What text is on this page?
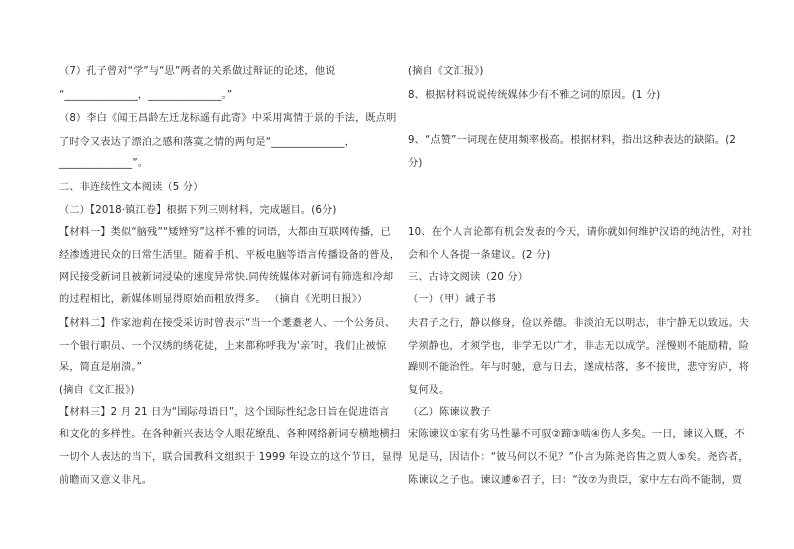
（7）孔子曾对“学”与“思”两者的关系做过辩证的论述，他说
“______________，______________。”
（8）李白《闻王昌龄左迁龙标遥有此寄》中采用寓情于景的手法，既点明
了时令又表达了漂泊之感和落寞之情的两句是“______________，
______________”。
二、非连续性文本阅读（5 分）
（二）【2018·镇江卷】根据下列三则材料，完成题目。(6分)
【材料一】类似“脑残”“矮矬穷”这样不雅的词语，大都由互联网传播，已
经渗透进民众的日常生活里。随着手机、平板电脑等语言传播设备的普及，
网民接受新词且被新词浸染的速度异常快.同传统媒体对新词有筛选和冷却
的过程相比，新媒体则显得原始而粗放得多。 （摘自《光明日报》）
【材料二】作家池莉在接受采访时曾表示“当一个耄耋老人、一个公务员、
一个银行职员、一个汉绣的绣花徒，上来都称呼我为‘亲’时，我们止被惊
呆，简直是崩溃。”
(摘自《文汇报》)
【材料三】2 月 21 日为“国际母语日”，这个国际性纪念日旨在促进语言
和文化的多样性。在各种新兴表达令人眼花缭乱、各种网络新词专横地横扫
一切个人表达的当下，联合国教科文组织于 1999 年设立的这个节日，显得
前瞻而又意义非凡。
(摘自《文汇报》)
8、根据材料说说传统媒体少有不雅之词的原因。(1 分)
9、“点赞”一词现在使用频率极高。根据材料，指出这种表达的缺陷。(2
分)
10、在个人言论都有机会发表的今天，请你就如何维护汉语的纯洁性，对社
会和个人各提一条建议。(2 分)
三、古诗文阅读（20 分）
（一）（甲）诫子书
夫君子之行，静以修身，俭以养德。非淡泊无以明志，非宁静无以致远。夫
学须静也，才须学也，非学无以广才，非志无以成学。淫慢则不能励精，险
躁则不能治性。年与时驰，意与日去，遂成枯落，多不接世，悲守穷庐，将
复何及。
（乙）陈谏议教子
宋陈谏议①家有劣马性暴不可驭②蹄③啮④伤人多矣。一日，谏议入厩，不
见是马，因诘仆：“彼马何以不见？”仆言为陈尧咨售之贾人⑤矣。尧咨者，
陈谏议之子也。谏议遽⑥召子，曰：“汝⑦为贵臣，家中左右尚不能制，贾
